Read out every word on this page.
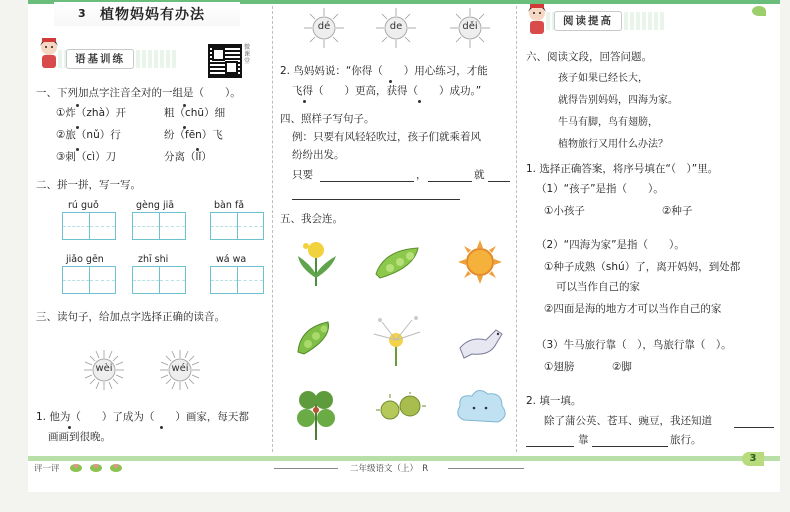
3 植物妈妈有办法
语基训练
微课堂
一、下列加点字注音全对的一组是（　　）。
①炸（zhà）开	粗（chū）细
②旅（nǔ）行	纷（fēn）飞
③刺（cì）刀	分离（lǐ）
二、拼一拼，写一写。
rú guǒ	gèng jiā	bàn fǎ
jiǎo gēn	zhī shi	wá wa
三、读句子，给加点字选择正确的读音。
wèi	wéi
1. 他为（　　）了成为（　　）画家，每天都
画画到很晚。
dé	de	děi
2. 鸟妈妈说：“你得（　　）用心练习，才能
飞得（　　）更高，获得（　　）成功。”
四、照样子写句子。
例：只要有风轻轻吹过，孩子们就乘着风
纷纷出发。
只要	，	就
五、我会连。
阅读提高
六、阅读文段，回答问题。
孩子如果已经长大，
就得告别妈妈，四海为家。
牛马有脚，鸟有翅膀，
植物旅行又用什么办法？
1. 选择正确答案，将序号填在“（　）”里。
（1）“孩子”是指（　　）。
①小孩子	②种子
（2）“四海为家”是指（　　）。
①种子成熟（shú）了，离开妈妈，到处都
可以当作自己的家
②四面是海的地方才可以当作自己的家
（3）牛马旅行靠（　），鸟旅行靠（　）。
①翅膀	②脚
2. 填一填。
除了蒲公英、苍耳、豌豆，我还知道
靠	旅行。
评一评	二年级语文（上）　R
3
